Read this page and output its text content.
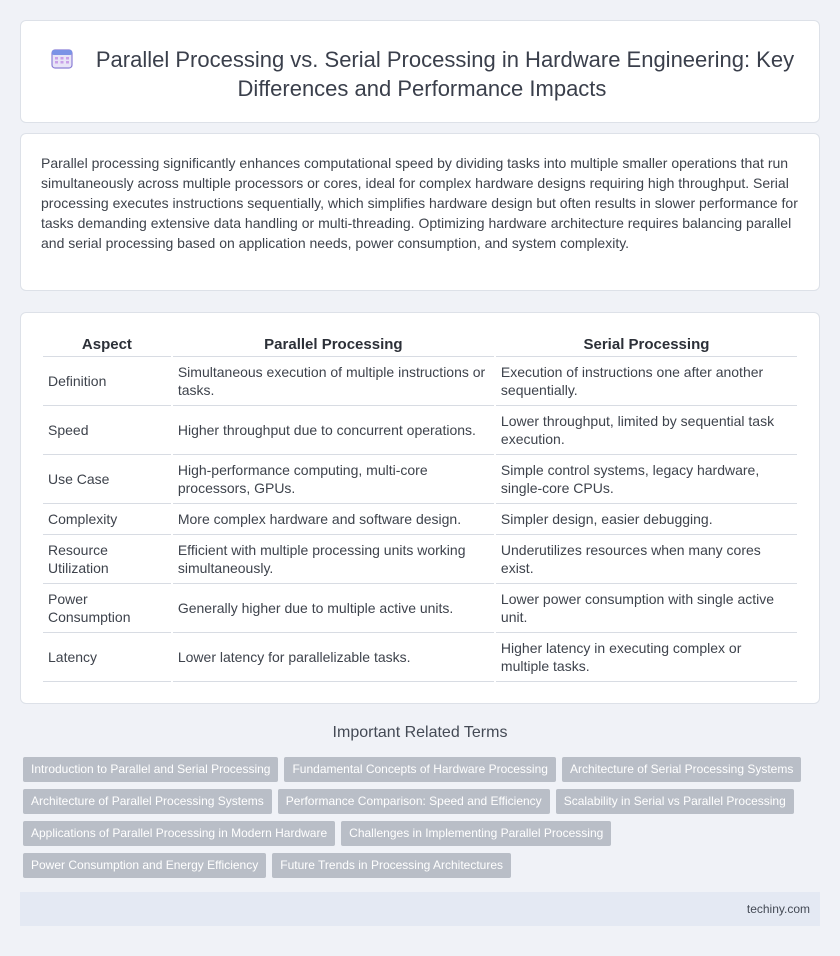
Parallel Processing vs. Serial Processing in Hardware Engineering: Key Differences and Performance Impacts

Parallel processing significantly enhances computational speed by dividing tasks into multiple smaller operations that run simultaneously across multiple processors or cores, ideal for complex hardware designs requiring high throughput. Serial processing executes instructions sequentially, which simplifies hardware design but often results in slower performance for tasks demanding extensive data handling or multi-threading. Optimizing hardware architecture requires balancing parallel and serial processing based on application needs, power consumption, and system complexity.

Aspect	Parallel Processing	Serial Processing
Definition	Simultaneous execution of multiple instructions or tasks.	Execution of instructions one after another sequentially.
Speed	Higher throughput due to concurrent operations.	Lower throughput, limited by sequential task execution.
Use Case	High-performance computing, multi-core processors, GPUs.	Simple control systems, legacy hardware, single-core CPUs.
Complexity	More complex hardware and software design.	Simpler design, easier debugging.
Resource Utilization	Efficient with multiple processing units working simultaneously.	Underutilizes resources when many cores exist.
Power Consumption	Generally higher due to multiple active units.	Lower power consumption with single active unit.
Latency	Lower latency for parallelizable tasks.	Higher latency in executing complex or multiple tasks.
Important Related Terms
Introduction to Parallel and Serial Processing Fundamental Concepts of Hardware Processing Architecture of Serial Processing Systems
Architecture of Parallel Processing Systems Performance Comparison: Speed and Efficiency Scalability in Serial vs Parallel Processing
Applications of Parallel Processing in Modern Hardware Challenges in Implementing Parallel Processing
Power Consumption and Energy Efficiency Future Trends in Processing Architectures
techiny.com
